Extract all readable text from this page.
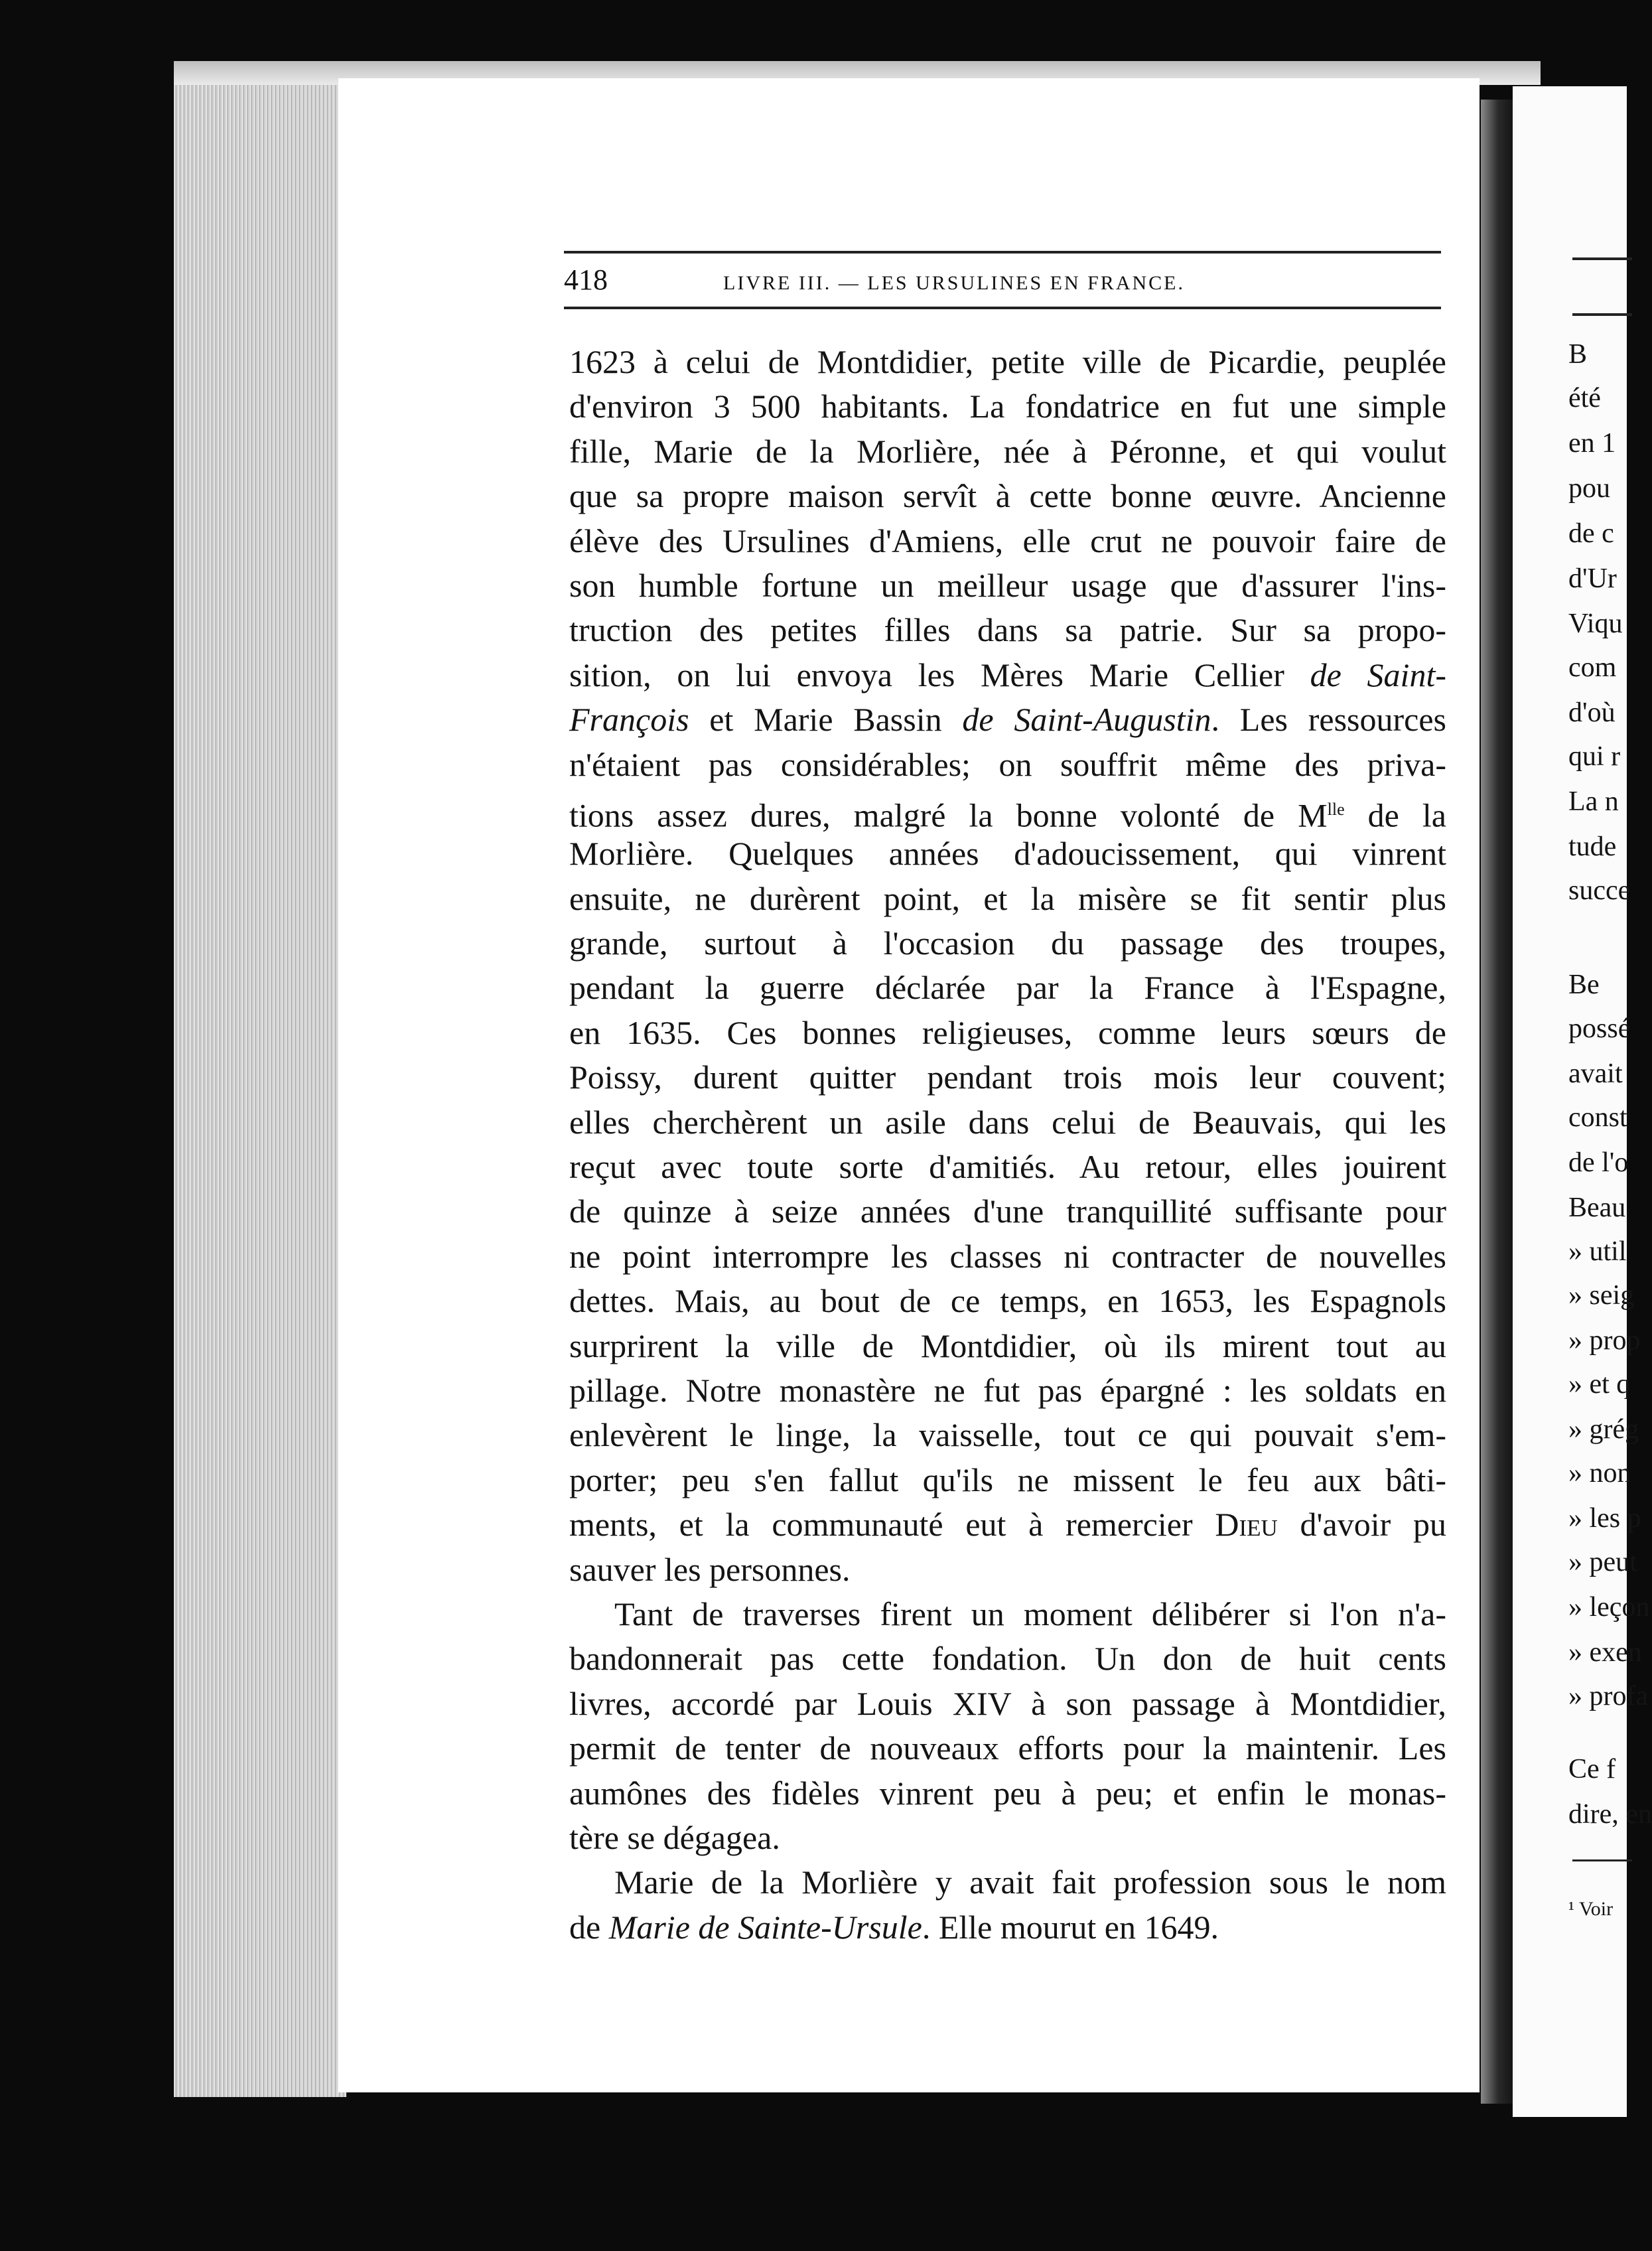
418	LIVRE III. — LES URSULINES EN FRANCE.
1623 à celui de Montdidier, petite ville de Picardie, peuplée
d'environ 3 500 habitants. La fondatrice en fut une simple
fille, Marie de la Morlière, née à Péronne, et qui voulut
que sa propre maison servît à cette bonne œuvre. Ancienne
élève des Ursulines d'Amiens, elle crut ne pouvoir faire de
son humble fortune un meilleur usage que d'assurer l'ins-
truction des petites filles dans sa patrie. Sur sa propo-
sition, on lui envoya les Mères Marie Cellier de Saint-
François et Marie Bassin de Saint-Augustin. Les ressources
n'étaient pas considérables; on souffrit même des priva-
tions assez dures, malgré la bonne volonté de $M^{lle}$ de la
Morlière. Quelques années d'adoucissement, qui vinrent
ensuite, ne durèrent point, et la misère se fit sentir plus
grande, surtout à l'occasion du passage des troupes,
pendant la guerre déclarée par la France à l'Espagne,
en 1635. Ces bonnes religieuses, comme leurs sœurs de
Poissy, durent quitter pendant trois mois leur couvent;
elles cherchèrent un asile dans celui de Beauvais, qui les
reçut avec toute sorte d'amitiés. Au retour, elles jouirent
de quinze à seize années d'une tranquillité suffisante pour
ne point interrompre les classes ni contracter de nouvelles
dettes. Mais, au bout de ce temps, en 1653, les Espagnols
surprirent la ville de Montdidier, où ils mirent tout au
pillage. Notre monastère ne fut pas épargné : les soldats en
enlevèrent le linge, la vaisselle, tout ce qui pouvait s'em-
porter; peu s'en fallut qu'ils ne missent le feu aux bâti-
ments, et la communauté eut à remercier Dieu d'avoir pu
sauver les personnes.
Tant de traverses firent un moment délibérer si l'on n'a-
bandonnerait pas cette fondation. Un don de huit cents
livres, accordé par Louis XIV à son passage à Montdidier,
permit de tenter de nouveaux efforts pour la maintenir. Les
aumônes des fidèles vinrent peu à peu; et enfin le monas-
tère se dégagea.
Marie de la Morlière y avait fait profession sous le nom
de Marie de Sainte-Ursule. Elle mourut en 1649.
B
été
en 1
pou
de c
d'Ur
Viqu
com
d'où
qui r
La n
tude
succe
Be
possé
avait
const
de l'o
Beau
» util
» seig
» prop
» et q
» grég
» non
» les p
» peut
» leçon
» exen
» profa
Ce f
dire, en
¹ Voir
